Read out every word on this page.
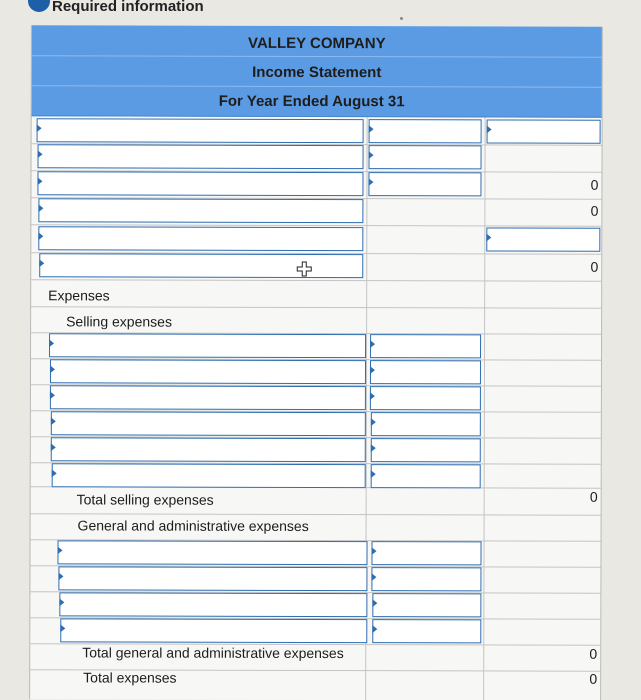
Required information
VALLEY COMPANY
Income Statement
For Year Ended August 31
0
0
0
Expenses
Selling expenses
Total selling expenses	0
General and administrative expenses
Total general and administrative expenses	0
Total expenses	0
